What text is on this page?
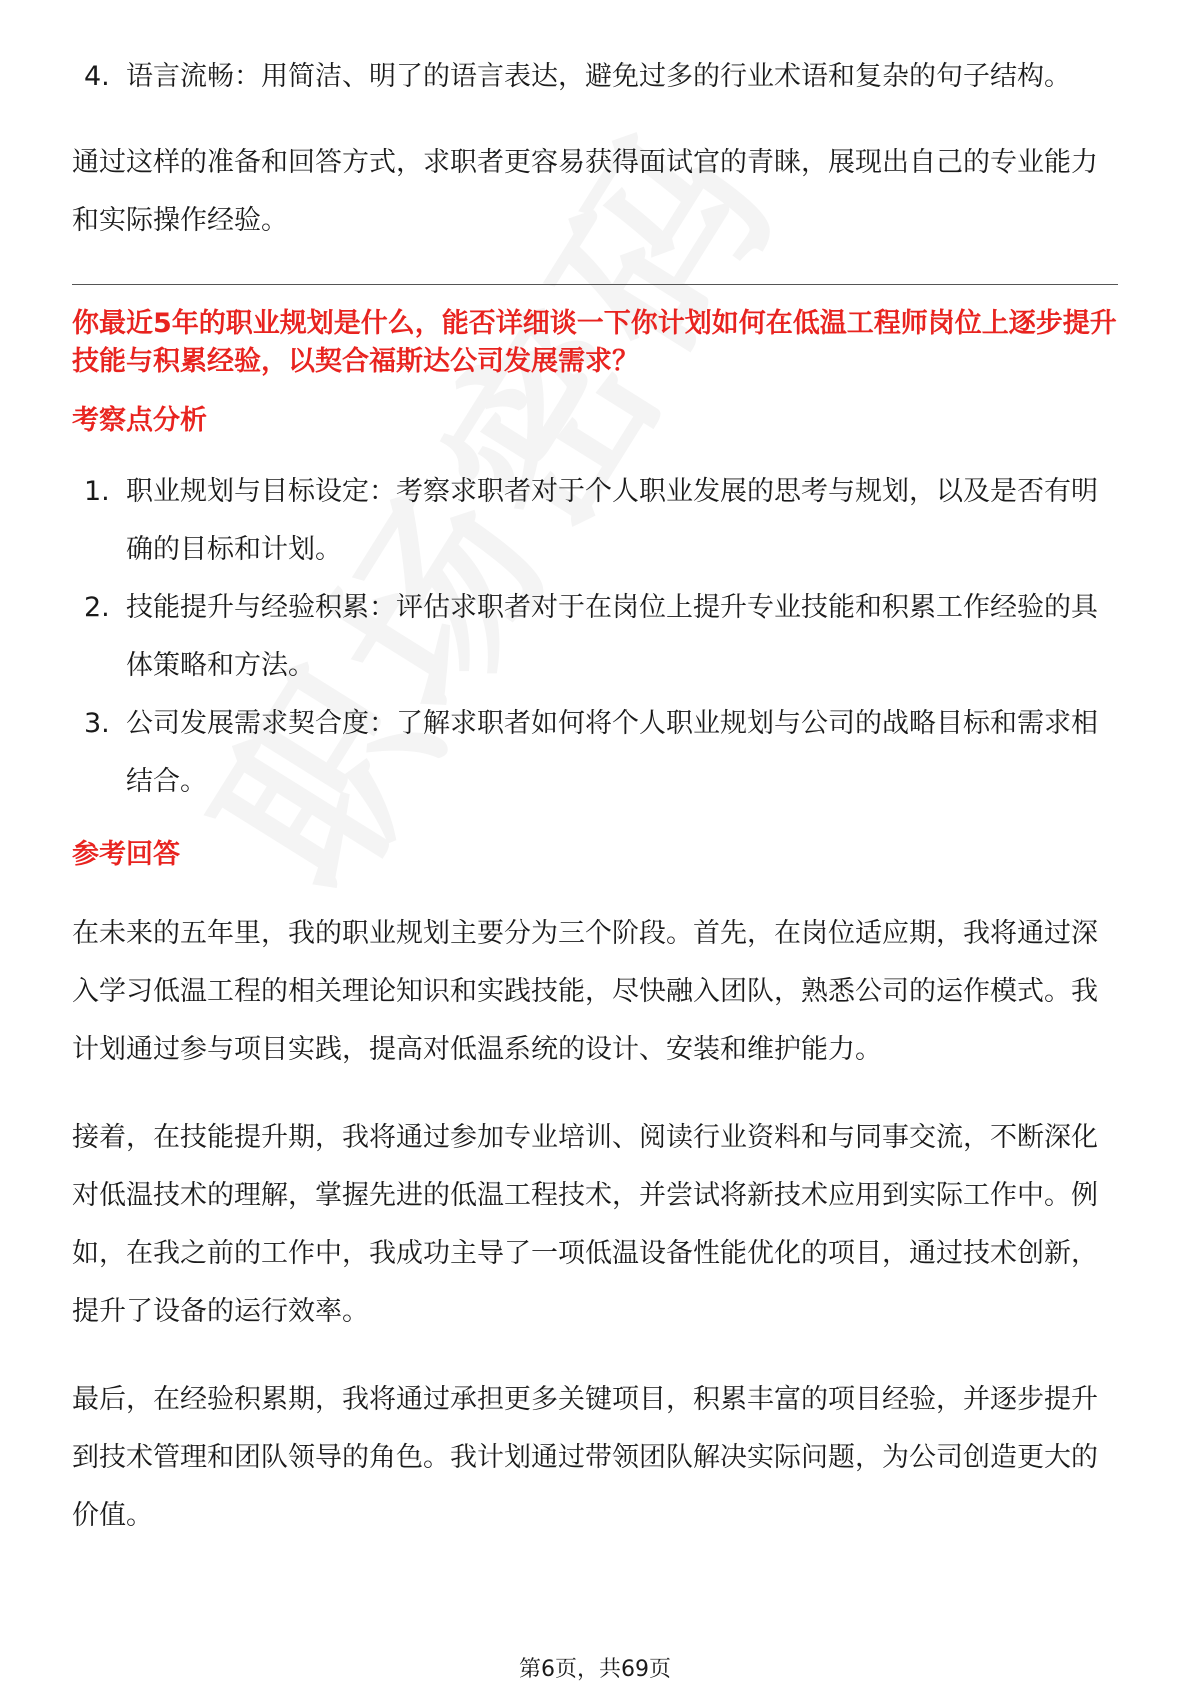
4. 语言流畅：用简洁、明了的语言表达，避免过多的行业术语和复杂的句子结构。

通过这样的准备和回答方式，求职者更容易获得面试官的青睐，展现出自己的专业能力和实际操作经验。

你最近5年的职业规划是什么，能否详细谈一下你计划如何在低温工程师岗位上逐步提升技能与积累经验，以契合福斯达公司发展需求？

考察点分析

1. 职业规划与目标设定：考察求职者对于个人职业发展的思考与规划，以及是否有明确的目标和计划。
2. 技能提升与经验积累：评估求职者对于在岗位上提升专业技能和积累工作经验的具体策略和方法。
3. 公司发展需求契合度：了解求职者如何将个人职业规划与公司的战略目标和需求相结合。

参考回答

在未来的五年里，我的职业规划主要分为三个阶段。首先，在岗位适应期，我将通过深入学习低温工程的相关理论知识和实践技能，尽快融入团队，熟悉公司的运作模式。我计划通过参与项目实践，提高对低温系统的设计、安装和维护能力。

接着，在技能提升期，我将通过参加专业培训、阅读行业资料和与同事交流，不断深化对低温技术的理解，掌握先进的低温工程技术，并尝试将新技术应用到实际工作中。例如，在我之前的工作中，我成功主导了一项低温设备性能优化的项目，通过技术创新，提升了设备的运行效率。

最后，在经验积累期，我将通过承担更多关键项目，积累丰富的项目经验，并逐步提升到技术管理和团队领导的角色。我计划通过带领团队解决实际问题，为公司创造更大的价值。

第6页，共69页
